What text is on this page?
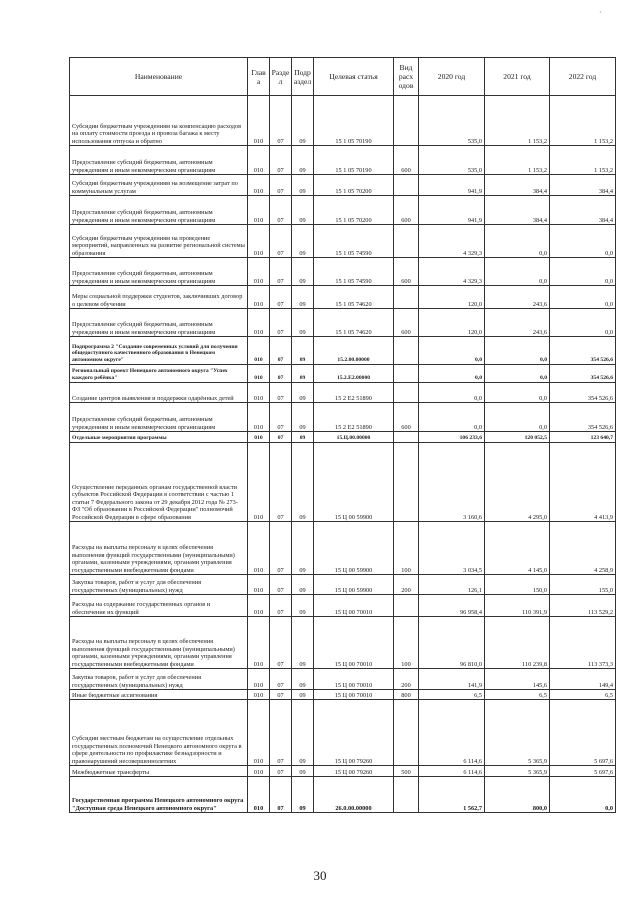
´
Наименование	Глав а	Разде л	Подр аздел	Целевая статья	Вид расх одов	2020 год	2021 год	2022 год
Субсидии бюджетным учреждениям на компенсацию расходов на оплату стоимости проезда и провоза багажа к месту использования отпуска и обратно	010	07	09	15 1 05 70190		535,0	1 153,2	1 153,2
Предоставление субсидий бюджетным, автономным учреждениям и иным некоммерческим организациям	010	07	09	15 1 05 70190	600	535,0	1 153,2	1 153,2
Субсидии бюджетным учреждениям на возмещение затрат по коммунальным услугам	010	07	09	15 1 05 70200		941,9	384,4	384,4
Предоставление субсидий бюджетным, автономным учреждениям и иным некоммерческим организациям	010	07	09	15 1 05 70200	600	941,9	384,4	384,4
Субсидии бюджетным учреждениям на проведение мероприятий, направленных на развитие региональной системы образования	010	07	09	15 1 05 74590		4 329,3	0,0	0,0
Предоставление субсидий бюджетным, автономным учреждениям и иным некоммерческим организациям	010	07	09	15 1 05 74590	600	4 329,3	0,0	0,0
Меры социальной поддержки студентов, заключивших договор о целевом обучении	010	07	09	15 1 05 74620		120,0	243,6	0,0
Предоставление субсидий бюджетным, автономным учреждениям и иным некоммерческим организациям	010	07	09	15 1 05 74620	600	120,0	243,6	0,0
Подпрограмма 2 "Создание современных условий для получения общедоступного качественного образования в Ненецком автономном округе"	010	07	09	15.2.00.00000		0,0	0,0	354 526,6
Региональный проект Ненецкого автономного округа "Успех каждого ребёнка"	010	07	09	15.2.E2.00000		0,0	0,0	354 526,6
Создание центров выявления и поддержки одарённых детей	010	07	09	15 2 E2 51890		0,0	0,0	354 526,6
Предоставление субсидий бюджетным, автономным учреждениям и иным некоммерческим организациям	010	07	09	15 2 E2 51890	600	0,0	0,0	354 526,6
Отдельные мероприятия программы	010	07	09	15.Ц.00.00000		106 233,6	120 052,5	123 640,7
Осуществление переданных органам государственной власти субъектов Российской Федерации в соответствии с частью 1 статьи 7 Федерального закона от 29 декабря 2012 года № 273-ФЗ "Об образовании в Российской Федерации" полномочий Российской Федерации в сфере образования	010	07	09	15 Ц 00 59900		3 160,6	4 295,0	4 413,9
Расходы на выплаты персоналу в целях обеспечения выполнения функций государственными (муниципальными) органами, казенными учреждениями, органами управления государственными внебюджетными фондами	010	07	09	15 Ц 00 59900	100	3 034,5	4 145,0	4 258,9
Закупка товаров, работ и услуг для обеспечения государственных (муниципальных) нужд	010	07	09	15 Ц 00 59900	200	126,1	150,0	155,0
Расходы на содержание государственных органов и обеспечение их функций	010	07	09	15 Ц 00 70010		96 958,4	110 391,9	113 529,2
Расходы на выплаты персоналу в целях обеспечения выполнения функций государственными (муниципальными) органами, казенными учреждениями, органами управления государственными внебюджетными фондами	010	07	09	15 Ц 00 70010	100	96 810,0	110 239,8	113 373,3
Закупка товаров, работ и услуг для обеспечения государственных (муниципальных) нужд	010	07	09	15 Ц 00 70010	200	141,9	145,6	149,4
Иные бюджетные ассигнования	010	07	09	15 Ц 00 70010	800	6,5	6,5	6,5
Субсидии местным бюджетам на осуществление отдельных государственных полномочий Ненецкого автономного округа в сфере деятельности по профилактике безнадзорности и правонарушений несовершеннолетних	010	07	09	15 Ц 00 79260		6 114,6	5 365,9	5 697,6
Межбюджетные трансферты	010	07	09	15 Ц 00 79260	500	6 114,6	5 365,9	5 697,6
Государственная программа Ненецкого автономного округа "Доступная среда Ненецкого автономного округа"	010	07	09	26.0.00.00000		1 562,7	800,0	0,0
30
